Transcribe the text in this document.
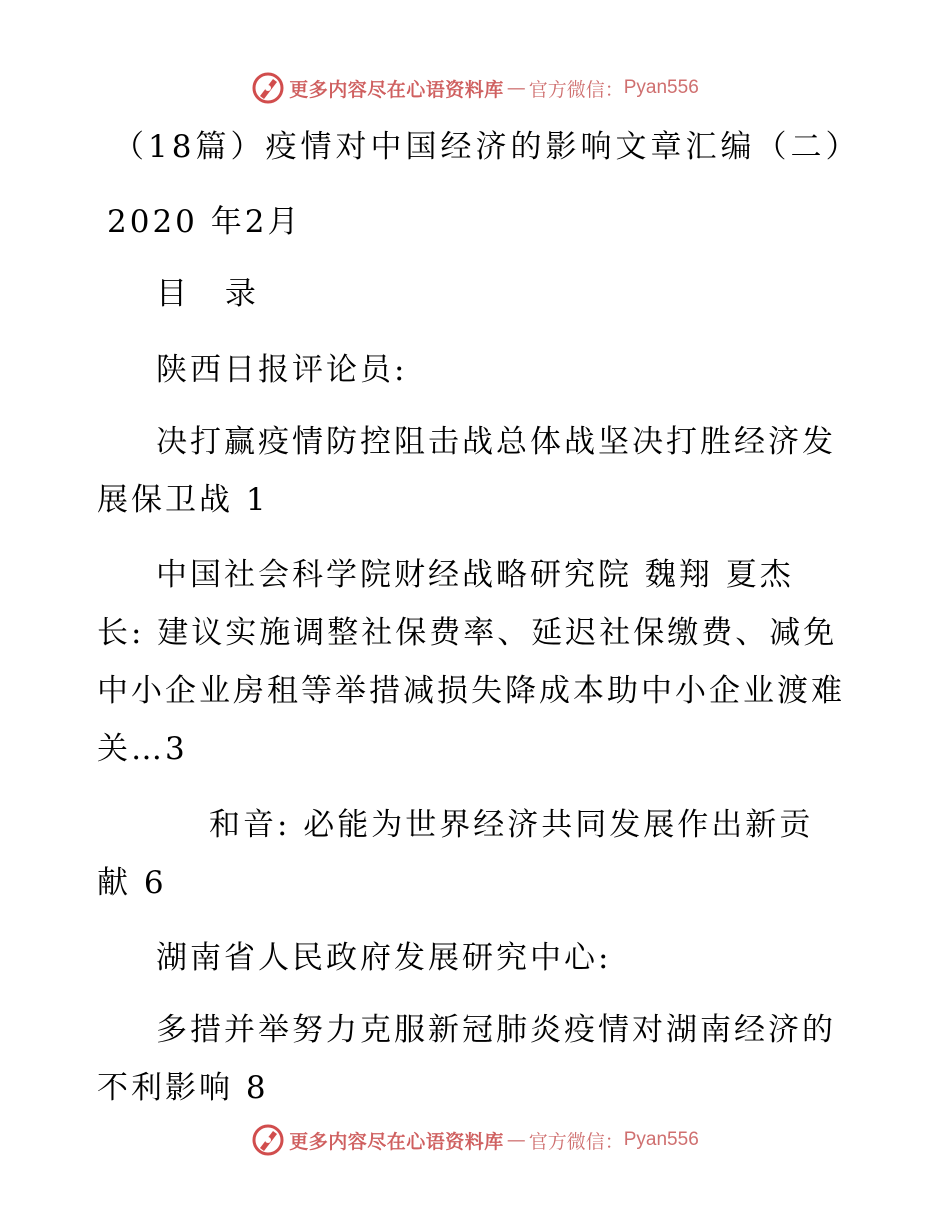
更多内容尽在心语资料库 — 官方微信： Pyan556
（18篇）疫情对中国经济的影响文章汇编（二）
2020 年2月
目 录
陕西日报评论员:
决打赢疫情防控阻击战总体战坚决打胜经济发
展保卫战 1
中国社会科学院财经战略研究院 魏翔 夏杰
长: 建议实施调整社保费率、延迟社保缴费、减免
中小企业房租等举措减损失降成本助中小企业渡难
关…3
和音: 必能为世界经济共同发展作出新贡
献 6
湖南省人民政府发展研究中心:
多措并举努力克服新冠肺炎疫情对湖南经济的
不利影响 8
更多内容尽在心语资料库 — 官方微信： Pyan556
